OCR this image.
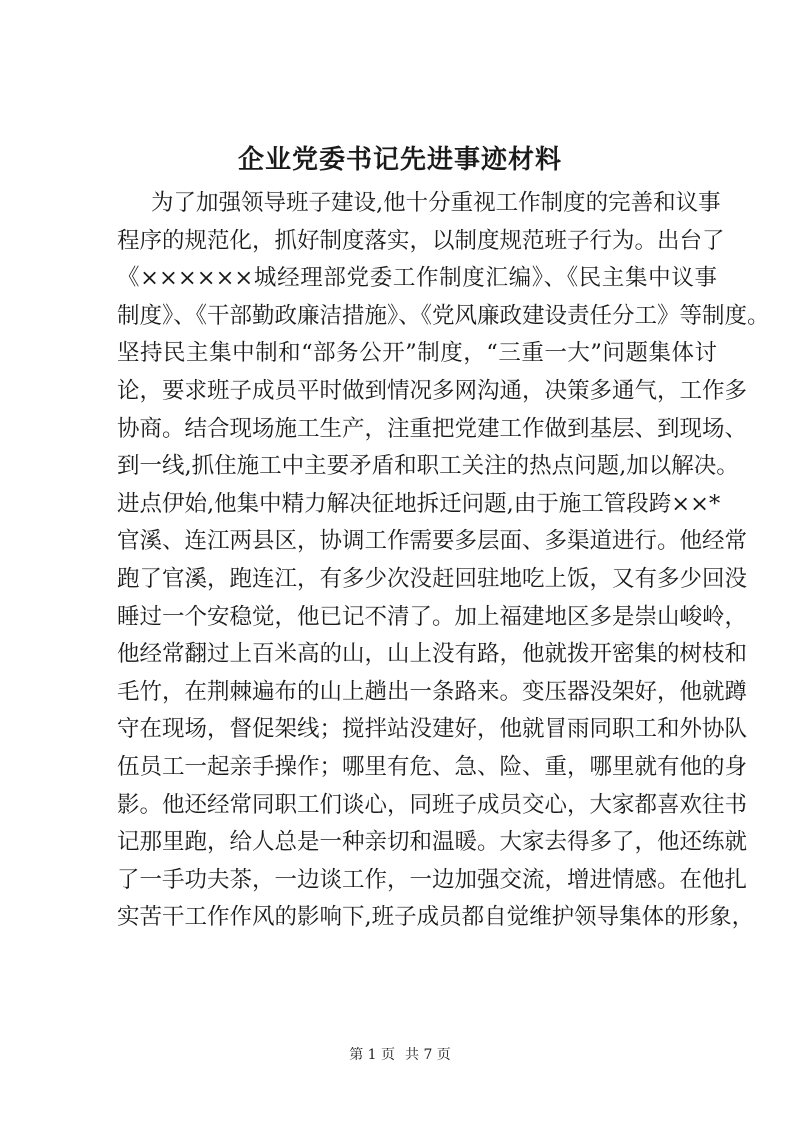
企业党委书记先进事迹材料
为了加强领导班子建设,他十分重视工作制度的完善和议事
程序的规范化，抓好制度落实，以制度规范班子行为。出台了
《××××××城经理部党委工作制度汇编》、《民主集中议事
制度》、《干部勤政廉洁措施》、《党风廉政建设责任分工》等制度。
坚持民主集中制和“部务公开”制度，“三重一大”问题集体讨
论，要求班子成员平时做到情况多网沟通，决策多通气，工作多
协商。结合现场施工生产，注重把党建工作做到基层、到现场、
到一线,抓住施工中主要矛盾和职工关注的热点问题,加以解决。
进点伊始,他集中精力解决征地拆迁问题,由于施工管段跨××*
官溪、连江两县区，协调工作需要多层面、多渠道进行。他经常
跑了官溪，跑连江，有多少次没赶回驻地吃上饭，又有多少回没
睡过一个安稳觉，他已记不清了。加上福建地区多是崇山峻岭，
他经常翻过上百米高的山，山上没有路，他就拨开密集的树枝和
毛竹，在荆棘遍布的山上趟出一条路来。变压器没架好，他就蹲
守在现场，督促架线；搅拌站没建好，他就冒雨同职工和外协队
伍员工一起亲手操作；哪里有危、急、险、重，哪里就有他的身
影。他还经常同职工们谈心，同班子成员交心，大家都喜欢往书
记那里跑，给人总是一种亲切和温暖。大家去得多了，他还练就
了一手功夫茶，一边谈工作，一边加强交流，增进情感。在他扎
实苦干工作作风的影响下,班子成员都自觉维护领导集体的形象，
第 1 页 共 7 页
